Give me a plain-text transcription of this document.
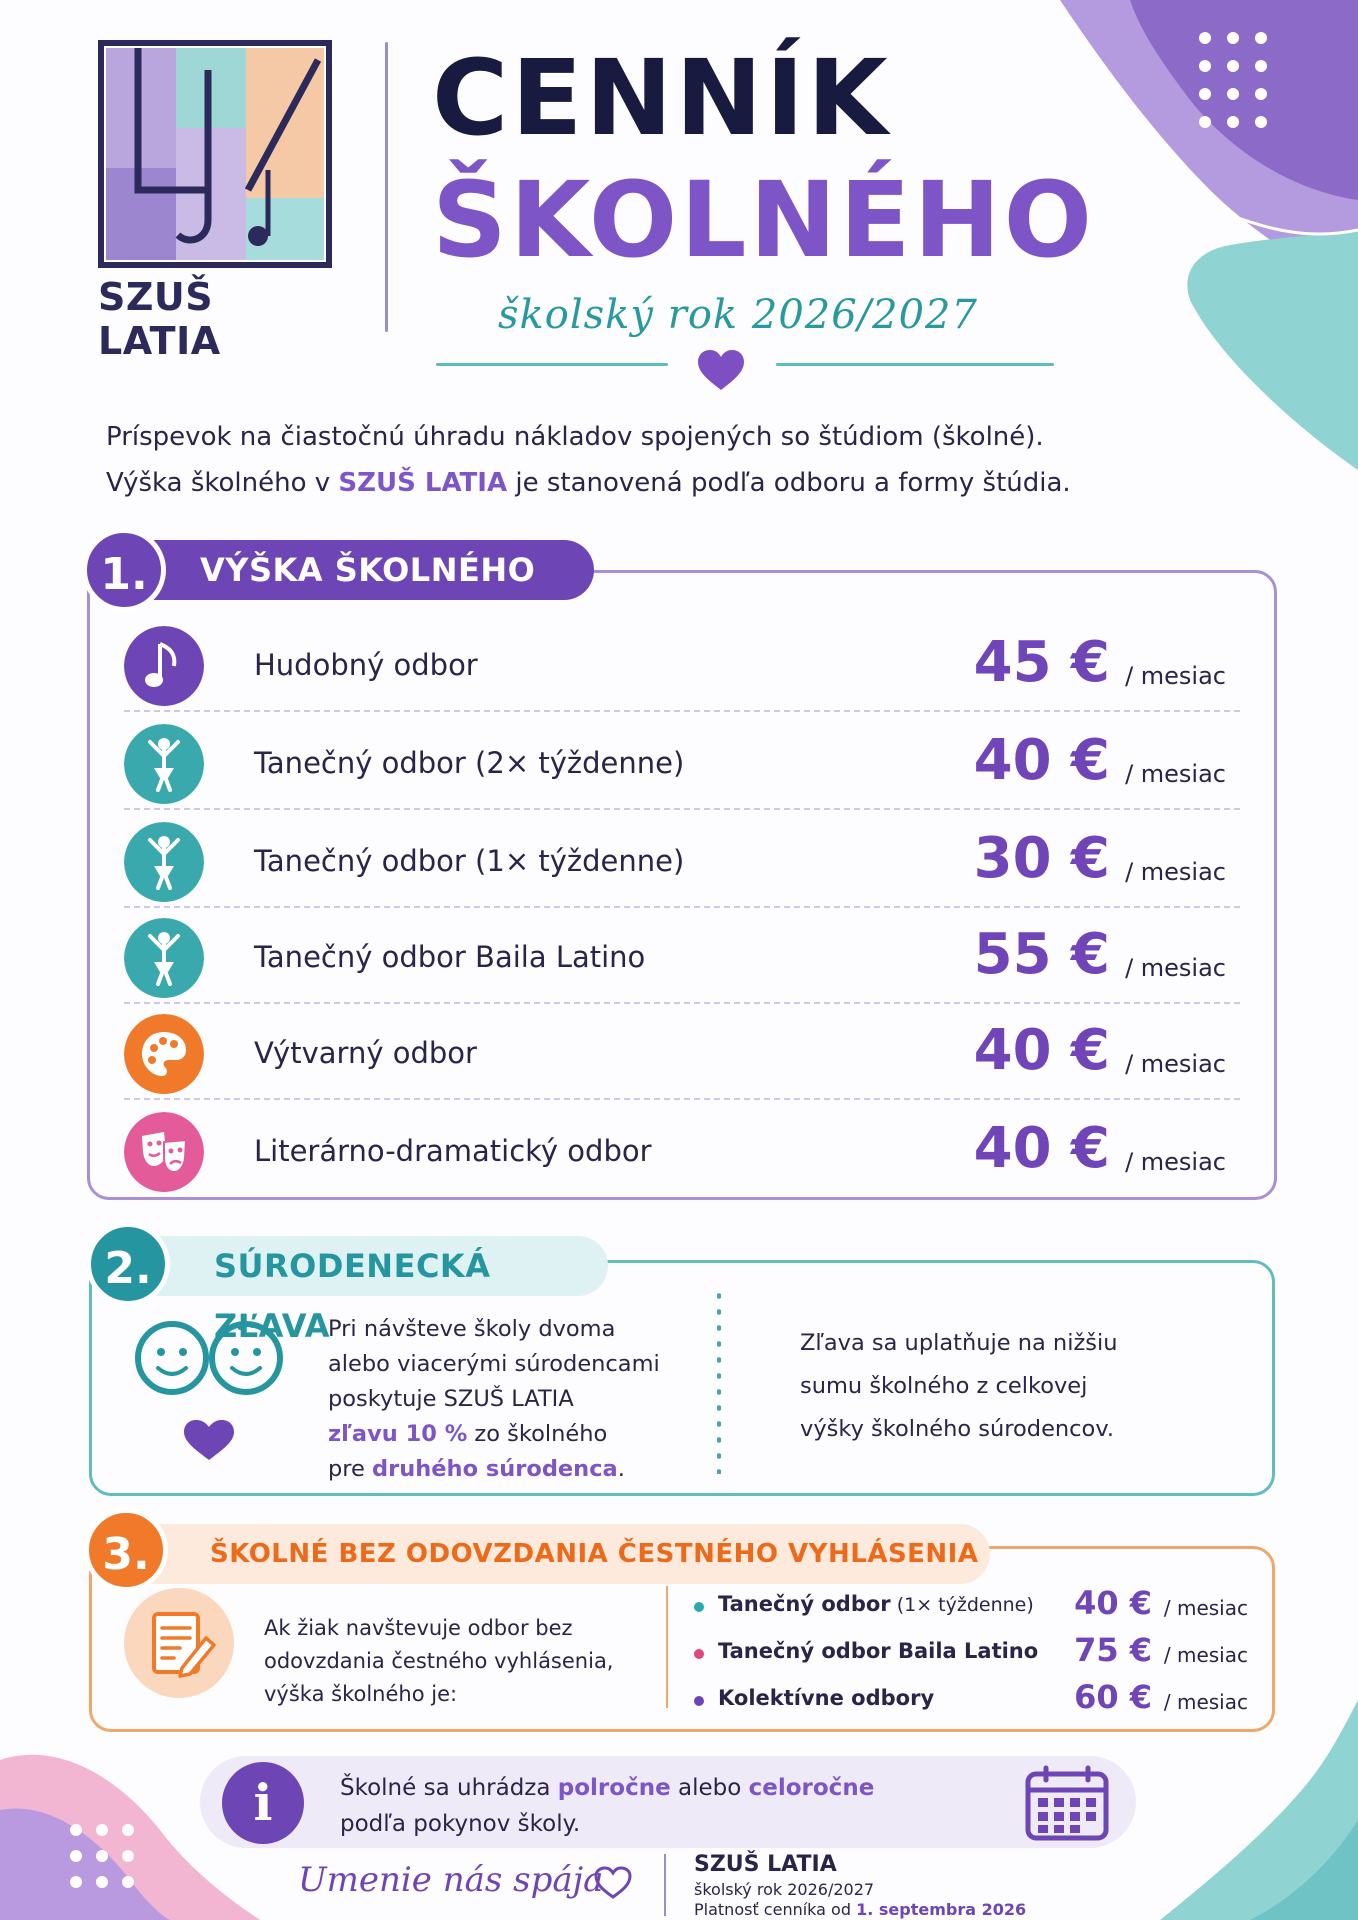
SZUŠ LATIA
CENNÍK
ŠKOLNÉHO
školský rok 2026/2027
Príspevok na čiastočnú úhradu nákladov spojených so štúdiom (školné).
Výška školného v SZUŠ LATIA je stanovená podľa odboru a formy štúdia.
VÝŠKA ŠKOLNÉHO
1.
Hudobný odbor	45 € / mesiac
Tanečný odbor (2× týždenne)	40 € / mesiac
Tanečný odbor (1× týždenne)	30 € / mesiac
Tanečný odbor Baila Latino	55 € / mesiac
Výtvarný odbor	40 € / mesiac
Literárno-dramatický odbor	40 € / mesiac
SÚRODENECKÁ ZĽAVA
2.
Pri návšteve školy dvoma
alebo viacerými súrodencami
poskytuje SZUŠ LATIA
zľavu 10 % zo školného
pre druhého súrodenca.
Zľava sa uplatňuje na nižšiu
sumu školného z celkovej
výšky školného súrodencov.
ŠKOLNÉ BEZ ODOVZDANIA ČESTNÉHO VYHLÁSENIA
3.
Ak žiak navštevuje odbor bez
odovzdania čestného vyhlásenia,
výška školného je:
Tanečný odbor (1× týždenne) 40 € / mesiac
Tanečný odbor Baila Latino 75 € / mesiac
Kolektívne odbory	60 € / mesiac
i	Školné sa uhrádza polročne alebo celoročne
podľa pokynov školy.
Umenie nás spája	SZUŠ LATIA
školský rok 2026/2027
Platnosť cenníka od 1. septembra 2026
